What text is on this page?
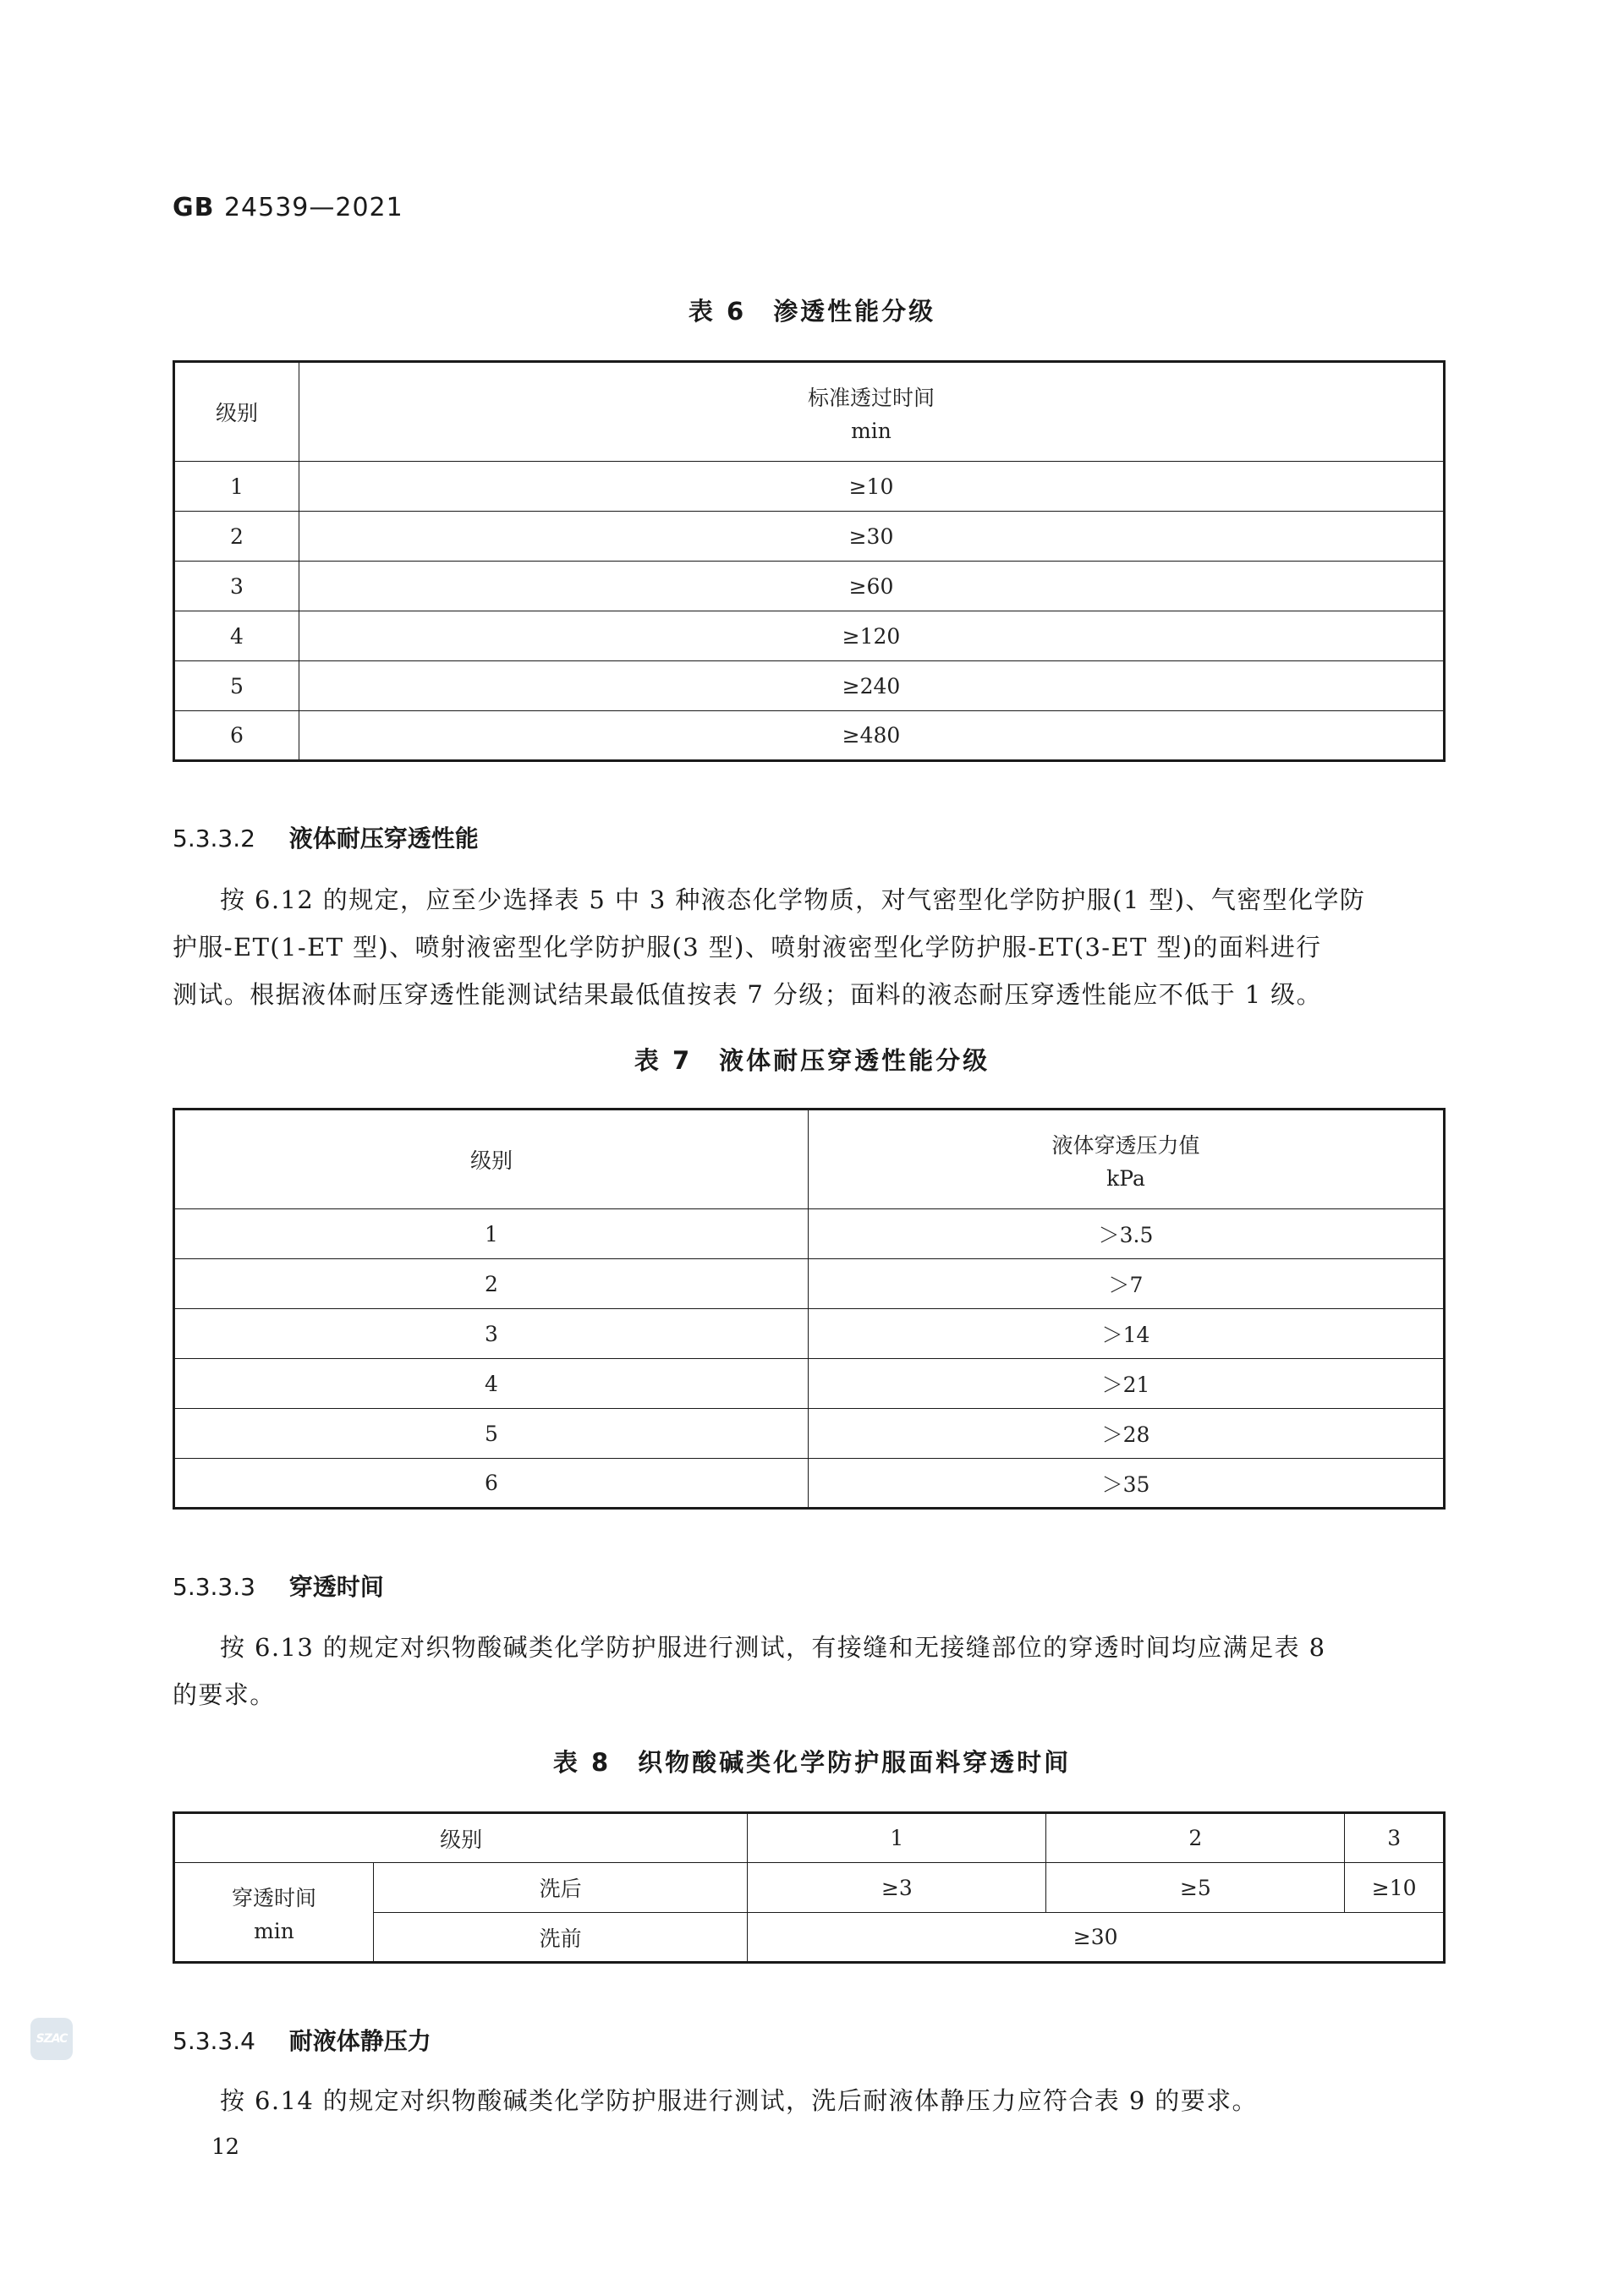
GB 24539—2021
表 6　渗透性能分级
级别	标准透过时间
min

1	≥10
2	≥30
3	≥60
4	≥120
5	≥240
6	≥480
5.3.3.2 液体耐压穿透性能
按 6.12 的规定，应至少选择表 5 中 3 种液态化学物质，对气密型化学防护服(1 型)、气密型化学防
护服-ET(1-ET 型)、喷射液密型化学防护服(3 型)、喷射液密型化学防护服-ET(3-ET 型)的面料进行
测试。根据液体耐压穿透性能测试结果最低值按表 7 分级；面料的液态耐压穿透性能应不低于 1 级。
表 7　液体耐压穿透性能分级
级别	液体穿透压力值
kPa

1	＞3.5
2	＞7
3	＞14
4	＞21
5	＞28
6	＞35
5.3.3.3 穿透时间
按 6.13 的规定对织物酸碱类化学防护服进行测试，有接缝和无接缝部位的穿透时间均应满足表 8
的要求。
表 8　织物酸碱类化学防护服面料穿透时间
级别		1	2	3
穿透时间
min	洗后	≥3	≥5	≥10
	洗前	≥30		
SZAC	5.3.3.4 耐液体静压力
按 6.14 的规定对织物酸碱类化学防护服进行测试，洗后耐液体静压力应符合表 9 的要求。
12
